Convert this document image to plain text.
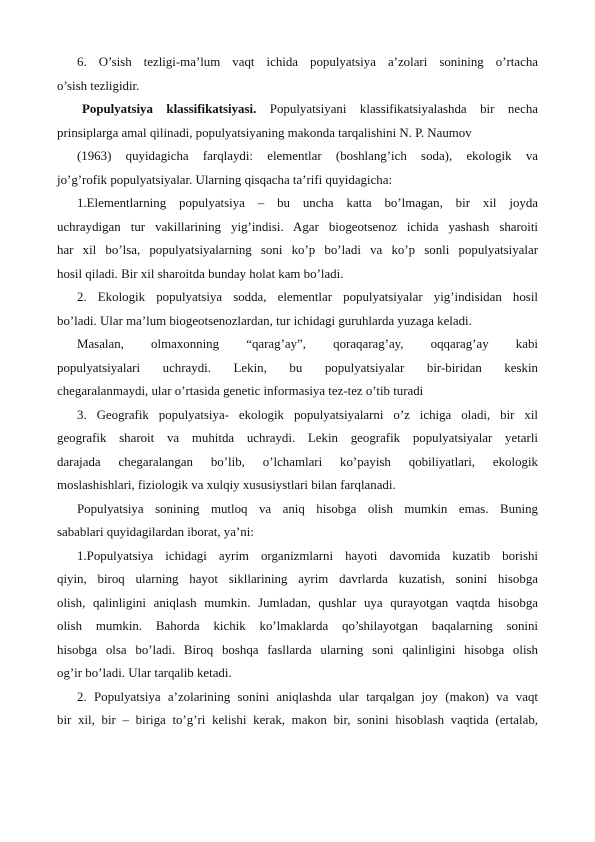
6. O’sish tezligi-ma’lum vaqt ichida populyatsiya a’zolari sonining o’rtacha
o’sish tezligidir.
Populyatsiya klassifikatsiyasi. Populyatsiyani klassifikatsiyalashda bir necha
prinsiplarga amal qilinadi, populyatsiyaning makonda tarqalishini N. P. Naumov
(1963) quyidagicha farqlaydi: elementlar (boshlang’ich soda), ekologik va
jo’g’rofik populyatsiyalar. Ularning qisqacha ta’rifi quyidagicha:
1.Elementlarning populyatsiya – bu uncha katta bo’lmagan, bir xil joyda
uchraydigan tur vakillarining yig’indisi. Agar biogeotsenoz ichida yashash sharoiti
har xil bo’lsa, populyatsiyalarning soni ko’p bo’ladi va ko’p sonli populyatsiyalar
hosil qiladi. Bir xil sharoitda bunday holat kam bo’ladi.
2. Ekologik populyatsiya sodda, elementlar populyatsiyalar yig’indisidan hosil
bo’ladi. Ular ma’lum biogeotsenozlardan, tur ichidagi guruhlarda yuzaga keladi.
Masalan, olmaxonning “qarag’ay”, qoraqarag’ay, oqqarag’ay kabi
populyatsiyalari uchraydi. Lekin, bu populyatsiyalar bir-biridan keskin
chegaralanmaydi, ular o’rtasida genetic informasiya tez-tez o’tib turadi
3. Geografik populyatsiya- ekologik populyatsiyalarni o’z ichiga oladi, bir xil
geografik sharoit va muhitda uchraydi. Lekin geografik populyatsiyalar yetarli
darajada chegaralangan bo’lib, o’lchamlari ko’payish qobiliyatlari, ekologik
moslashishlari, fiziologik va xulqiy xususiystlari bilan farqlanadi.
Populyatsiya sonining mutloq va aniq hisobga olish mumkin emas. Buning
sabablari quyidagilardan iborat, ya’ni:
1.Populyatsiya ichidagi ayrim organizmlarni hayoti davomida kuzatib borishi
qiyin, biroq ularning hayot sikllarining ayrim davrlarda kuzatish, sonini hisobga
olish, qalinligini aniqlash mumkin. Jumladan, qushlar uya qurayotgan vaqtda hisobga
olish mumkin. Bahorda kichik ko’lmaklarda qo’shilayotgan baqalarning sonini
hisobga olsa bo’ladi. Biroq boshqa fasllarda ularning soni qalinligini hisobga olish
og’ir bo’ladi. Ular tarqalib ketadi.
2. Populyatsiya a’zolarining sonini aniqlashda ular tarqalgan joy (makon) va vaqt
bir xil, bir – biriga to’g’ri kelishi kerak, makon bir, sonini hisoblash vaqtida (ertalab,
